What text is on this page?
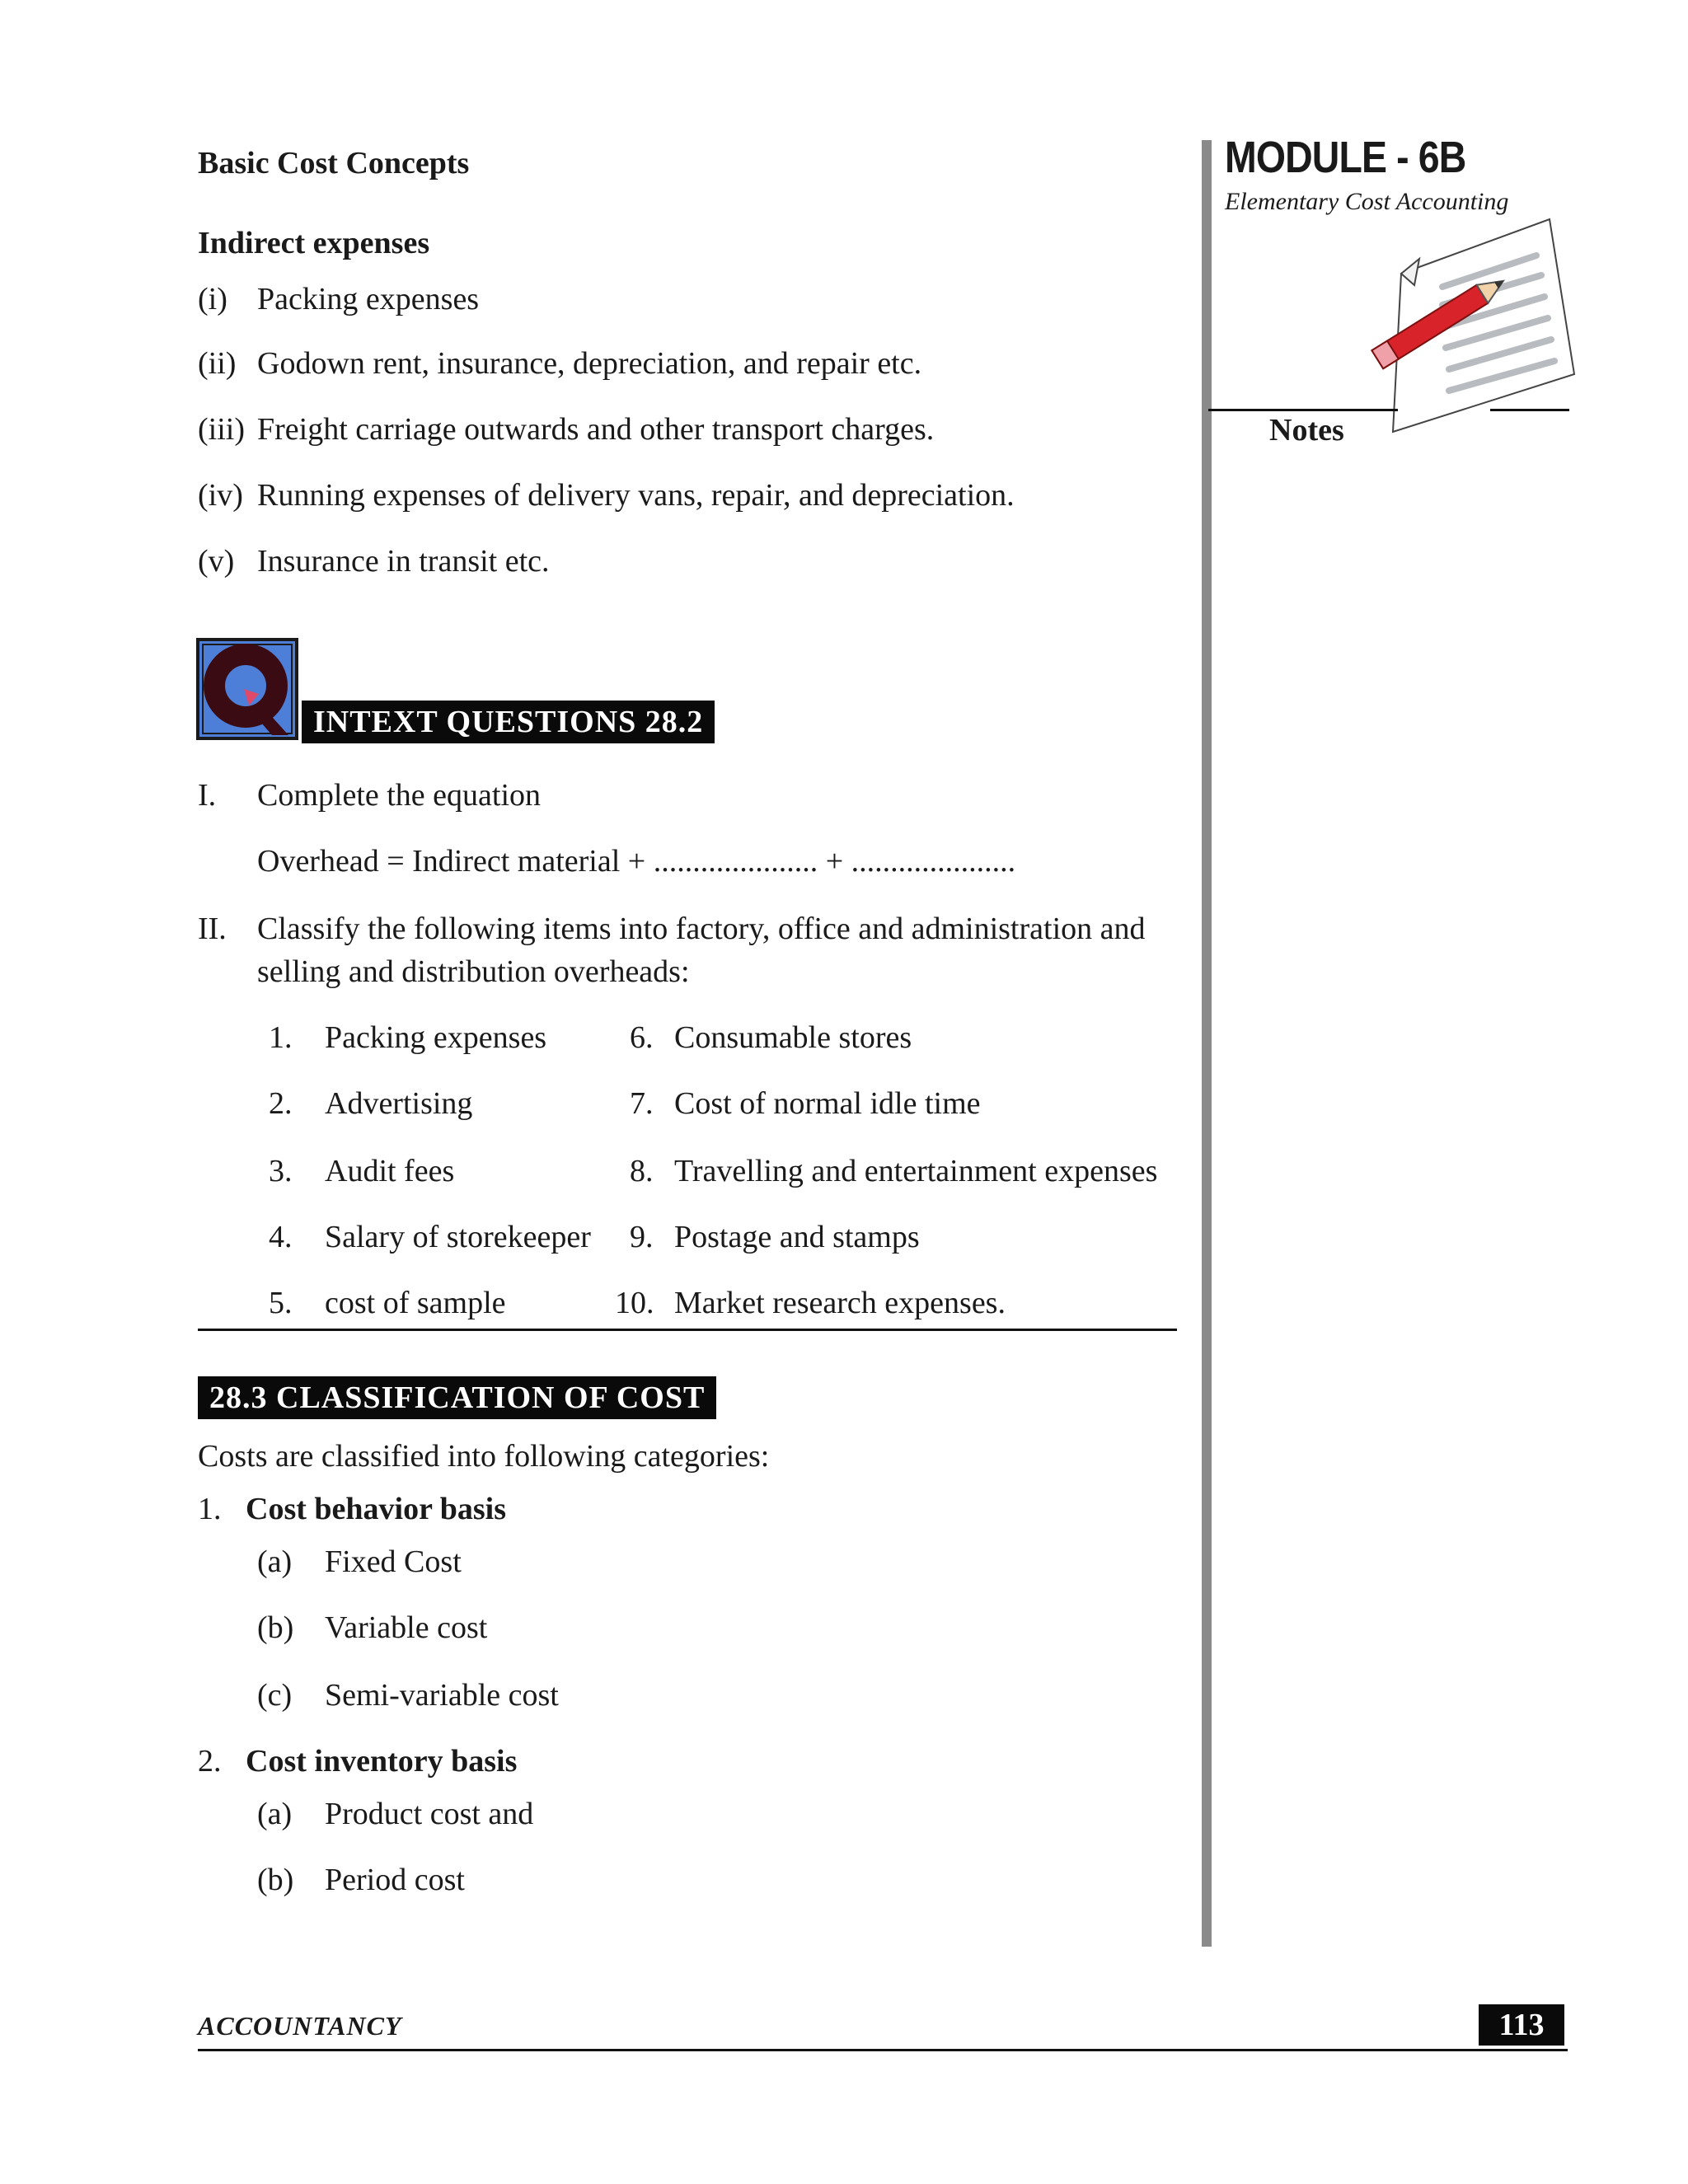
Basic Cost Concepts	MODULE - 6B
Elementary Cost Accounting
Notes
Indirect expenses
(i) Packing expenses
(ii) Godown rent, insurance, depreciation, and repair etc.
(iii) Freight carriage outwards and other transport charges.
(iv) Running expenses of delivery vans, repair, and depreciation.
(v) Insurance in transit etc.
INTEXT QUESTIONS 28.2
I. Complete the equation
Overhead = Indirect material + ..................... + .....................
II. Classify the following items into factory, office and administration and
selling and distribution overheads:
1. Packing expenses
2. Advertising
3. Audit fees
4. Salary of storekeeper
5. cost of sample
6. Consumable stores
7. Cost of normal idle time
8. Travelling and entertainment expenses
9. Postage and stamps
10. Market research expenses.
28.3 CLASSIFICATION OF COST
Costs are classified into following categories:
1. Cost behavior basis
(a) Fixed Cost
(b) Variable cost
(c) Semi-variable cost
2. Cost inventory basis
(a) Product cost and
(b) Period cost
ACCOUNTANCY	113
